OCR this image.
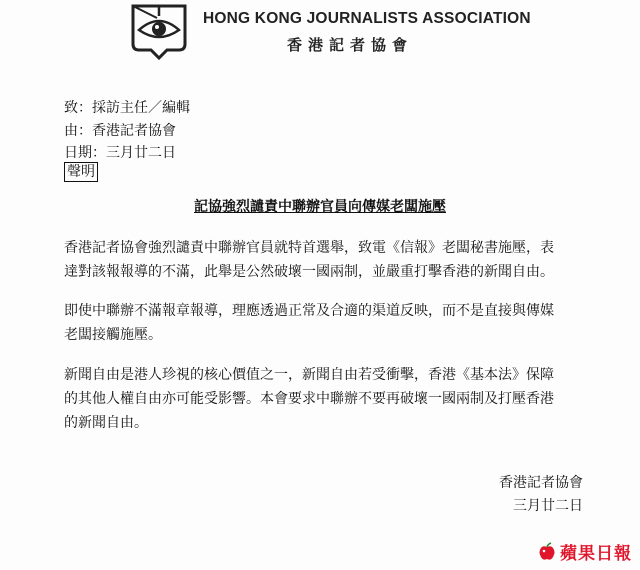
HONG KONG JOURNALISTS ASSOCIATION
香港記者協會
致：採訪主任／編輯
由：香港記者協會
日期：三月廿二日
聲明
記協強烈譴責中聯辦官員向傳媒老闆施壓
香港記者協會強烈譴責中聯辦官員就特首選舉，致電《信報》老闆秘書施壓，表
達對該報報導的不滿，此舉是公然破壞一國兩制，並嚴重打擊香港的新聞自由。
即使中聯辦不滿報章報導，理應透過正常及合適的渠道反映，而不是直接與傳媒
老闆接觸施壓。
新聞自由是港人珍視的核心價值之一，新聞自由若受衝擊，香港《基本法》保障
的其他人權自由亦可能受影響。本會要求中聯辦不要再破壞一國兩制及打壓香港
的新聞自由。
香港記者協會
三月廿二日
蘋果日報
